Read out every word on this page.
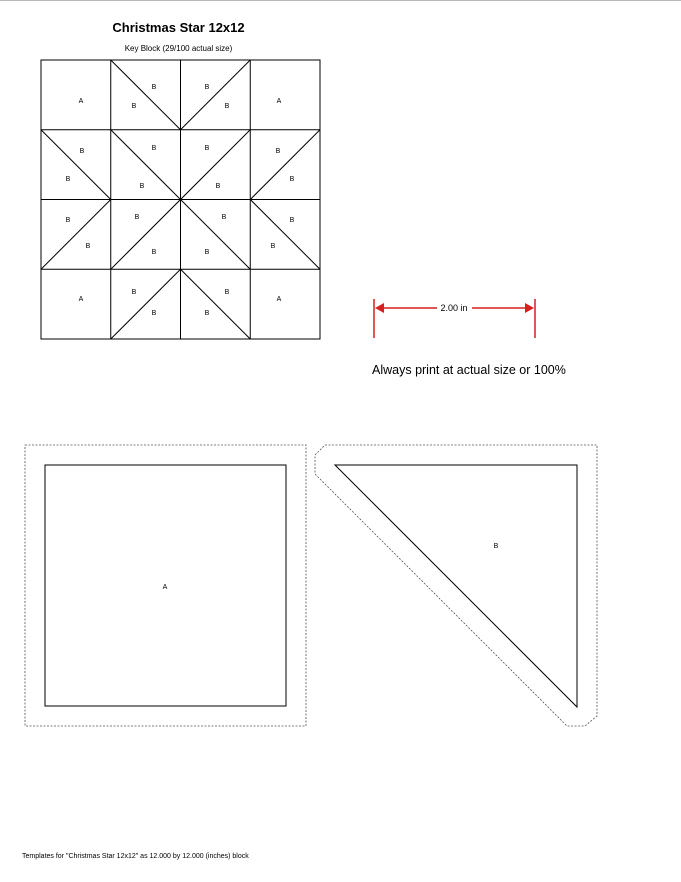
Christmas Star 12x12
Key Block (29/100 actual size)
A	A
A	A
B
B
B
B
B
B
B
B
B
B
B
B
B
B
B
B
B
B
B
B
B
B
B
B
2.00 in
A
B
Always print at actual size or 100%
Templates for "Christmas Star 12x12" as 12.000 by 12.000 (inches) block
